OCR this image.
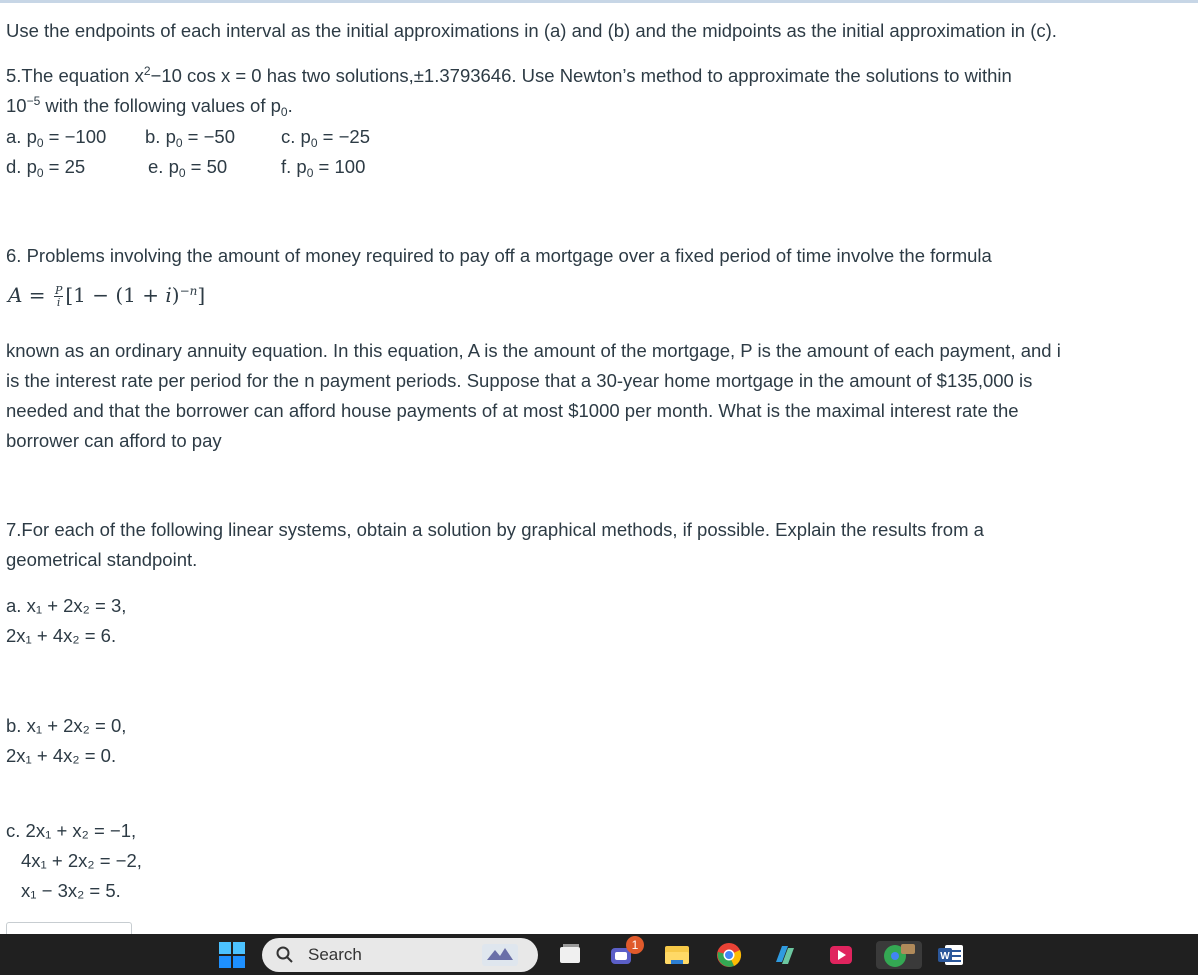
Use the endpoints of each interval as the initial approximations in (a) and (b) and the midpoints as the initial approximation in (c).
5.The equation $x^2-10$ cos x = 0 has two solutions,±1.3793646. Use Newton’s method to approximate the solutions to within
$10^{-5}$ with the following values of $p_0$.
a. $p_0 = -100$ b. $p_0 = -50$ c. $p_0 = -25$
d. $p_0 = 25$	e. $p_0 = 50$	f. $p_0 = 100$
6. Problems involving the amount of money required to pay off a mortgage over a fixed period of time involve the formula
known as an ordinary annuity equation. In this equation, A is the amount of the mortgage, P is the amount of each payment, and i
is the interest rate per period for the n payment periods. Suppose that a 30-year home mortgage in the amount of $135,000 is
needed and that the borrower can afford house payments of at most $1000 per month. What is the maximal interest rate the
borrower can afford to pay
7.For each of the following linear systems, obtain a solution by graphical methods, if possible. Explain the results from a
geometrical standpoint.
a. x₁ + 2x₂ = 3,
2x₁ + 4x₂ = 6.
b. x₁ + 2x₂ = 0,
2x₁ + 4x₂ = 0.
c. 2x₁ + x₂ = −1,
4x₁ + 2x₂ = −2,
x₁ − 3x₂ = 5.
$A = \frac{P}{i} [1 - (1 + i)^{-n}]$
Search	1
W
